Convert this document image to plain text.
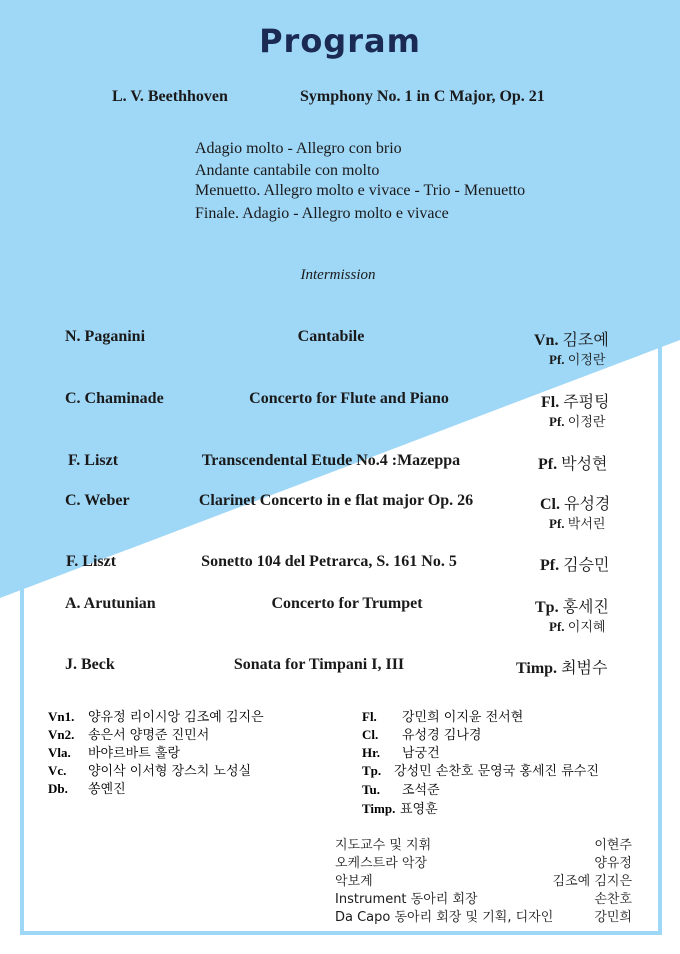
Program
L. V. Beethhoven	Symphony No. 1 in C Major, Op. 21
Adagio molto - Allegro con brio
Andante cantabile con molto
Menuetto. Allegro molto e vivace - Trio - Menuetto
Finale. Adagio - Allegro molto e vivace
Intermission
N. Paganini	Cantabile	Vn. 김조예
Pf. 이정란
C. Chaminade	Concerto for Flute and Piano	Fl. 주펑팅
Pf. 이정란
F. Liszt	Transcendental Etude No.4 :Mazeppa	Pf. 박성현
C. Weber	Clarinet Concerto in e flat major Op. 26	Cl. 유성경
Pf. 박서린
F. Liszt	Sonetto 104 del Petrarca, S. 161 No. 5	Pf. 김승민
A. Arutunian	Concerto for Trumpet	Tp. 홍세진
Pf. 이지혜
J. Beck	Sonata for Timpani I, III	Timp. 최범수
Vn1. 양유정 리이시앙 김조예 김지은
Vn2. 송은서 양명준 진민서
Vla. 바야르바트 훌랑
Vc. 양이삭 이서형 장스치 노성실
Db. 쏭옌진
Fl. 강민희 이지윤 전서현
Cl. 유성경 김나경
Hr. 남궁건
Tp. 강성민 손찬호 문영국 홍세진 류수진
Tu. 조석준
Timp. 표영훈
지도교수 및 지휘	이현주
오케스트라 악장	양유정
악보계	김조예 김지은
Instrument 동아리 회장	손찬호
Da Capo 동아리 회장 및 기획, 디자인	강민희
